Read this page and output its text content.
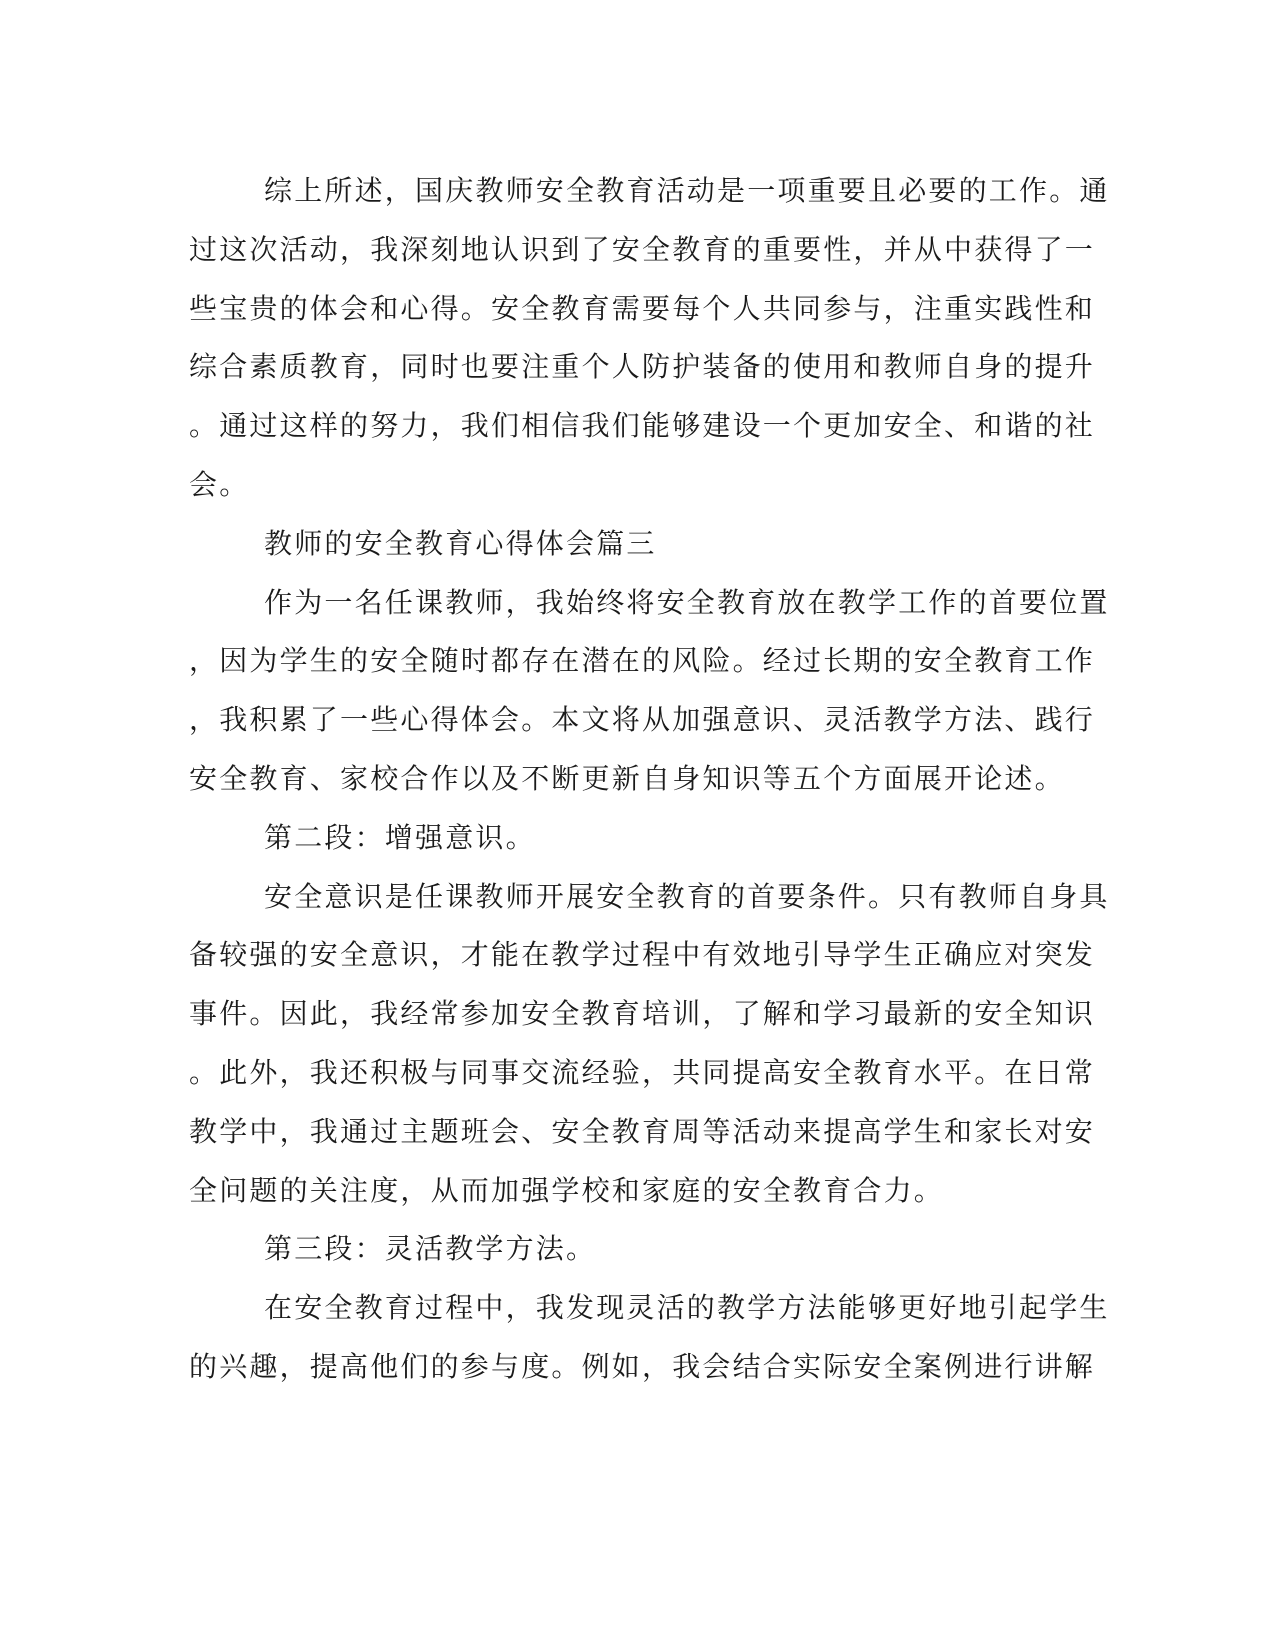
综上所述，国庆教师安全教育活动是一项重要且必要的工作。通
过这次活动，我深刻地认识到了安全教育的重要性，并从中获得了一
些宝贵的体会和心得。安全教育需要每个人共同参与，注重实践性和
综合素质教育，同时也要注重个人防护装备的使用和教师自身的提升
。通过这样的努力，我们相信我们能够建设一个更加安全、和谐的社
会。
教师的安全教育心得体会篇三
作为一名任课教师，我始终将安全教育放在教学工作的首要位置
，因为学生的安全随时都存在潜在的风险。经过长期的安全教育工作
，我积累了一些心得体会。本文将从加强意识、灵活教学方法、践行
安全教育、家校合作以及不断更新自身知识等五个方面展开论述。
第二段：增强意识。
安全意识是任课教师开展安全教育的首要条件。只有教师自身具
备较强的安全意识，才能在教学过程中有效地引导学生正确应对突发
事件。因此，我经常参加安全教育培训，了解和学习最新的安全知识
。此外，我还积极与同事交流经验，共同提高安全教育水平。在日常
教学中，我通过主题班会、安全教育周等活动来提高学生和家长对安
全问题的关注度，从而加强学校和家庭的安全教育合力。
第三段：灵活教学方法。
在安全教育过程中，我发现灵活的教学方法能够更好地引起学生
的兴趣，提高他们的参与度。例如，我会结合实际安全案例进行讲解
